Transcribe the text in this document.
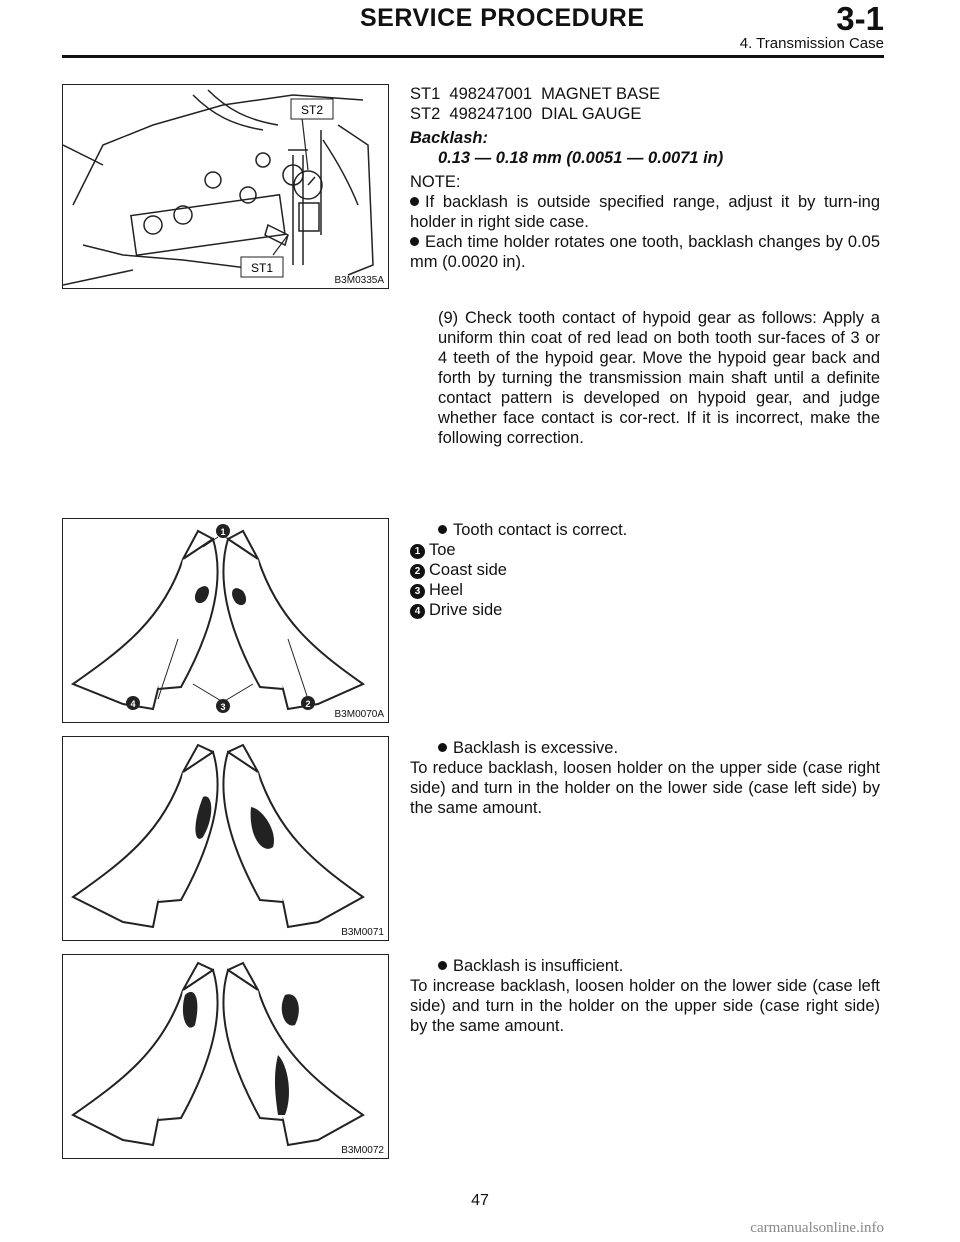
SERVICE PROCEDURE	3-1
4. Transmission Case
ST2
ST1
B3M0335A

ST1  498247001  MAGNET BASE

ST2  498247100  DIAL GAUGE

Backlash:

0.13 — 0.18 mm (0.0051 — 0.0071 in)

NOTE:

If backlash is outside specified range, adjust it by turn-ing holder in right side case.

Each time holder rotates one tooth, backlash changes by 0.05 mm (0.0020 in).

(9) Check tooth contact of hypoid gear as follows: Apply a uniform thin coat of red lead on both tooth sur-faces of 3 or 4 teeth of the hypoid gear. Move the hypoid gear back and forth by turning the transmission main shaft until a definite contact pattern is developed on hypoid gear, and judge whether face contact is cor-rect. If it is incorrect, make the following correction.

1
2
3
4
B3M0070A

Tooth contact is correct.

1 Toe

2 Coast side

3 Heel

4 Drive side

B3M0071

Backlash is excessive.

To reduce backlash, loosen holder on the upper side (case right side) and turn in the holder on the lower side (case left side) by the same amount.

B3M0072

Backlash is insufficient.

To increase backlash, loosen holder on the lower side (case left side) and turn in the holder on the upper side (case right side) by the same amount.

47
carmanualsonline.info
